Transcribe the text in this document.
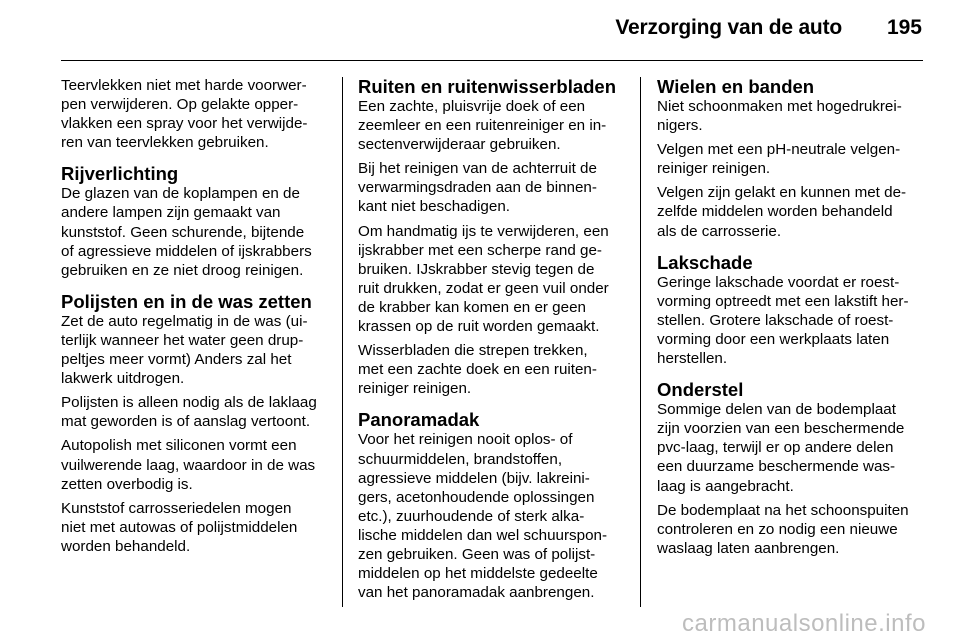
Verzorging van de auto 195
Teervlekken niet met harde voorwer-
pen verwijderen. Op gelakte opper-
vlakken een spray voor het verwijde-
ren van teervlekken gebruiken.
Rijverlichting
De glazen van de koplampen en de
andere lampen zijn gemaakt van
kunststof. Geen schurende, bijtende
of agressieve middelen of ijskrabbers
gebruiken en ze niet droog reinigen.
Polijsten en in de was zetten
Zet de auto regelmatig in de was (ui-
terlijk wanneer het water geen drup-
peltjes meer vormt) Anders zal het
lakwerk uitdrogen.
Polijsten is alleen nodig als de laklaag
mat geworden is of aanslag vertoont.
Autopolish met siliconen vormt een
vuilwerende laag, waardoor in de was
zetten overbodig is.
Kunststof carrosseriedelen mogen
niet met autowas of polijstmiddelen
worden behandeld.
Ruiten en ruitenwisserbladen
Een zachte, pluisvrije doek of een
zeemleer en een ruitenreiniger en in-
sectenverwijderaar gebruiken.
Bij het reinigen van de achterruit de
verwarmingsdraden aan de binnen-
kant niet beschadigen.
Om handmatig ijs te verwijderen, een
ijskrabber met een scherpe rand ge-
bruiken. IJskrabber stevig tegen de
ruit drukken, zodat er geen vuil onder
de krabber kan komen en er geen
krassen op de ruit worden gemaakt.
Wisserbladen die strepen trekken,
met een zachte doek en een ruiten-
reiniger reinigen.
Panoramadak
Voor het reinigen nooit oplos- of
schuurmiddelen, brandstoffen,
agressieve middelen (bijv. lakreini-
gers, acetonhoudende oplossingen
etc.), zuurhoudende of sterk alka-
lische middelen dan wel schuurspon-
zen gebruiken. Geen was of polijst-
middelen op het middelste gedeelte
van het panoramadak aanbrengen.
Wielen en banden
Niet schoonmaken met hogedrukrei-
nigers.
Velgen met een pH-neutrale velgen-
reiniger reinigen.
Velgen zijn gelakt en kunnen met de-
zelfde middelen worden behandeld
als de carrosserie.
Lakschade
Geringe lakschade voordat er roest-
vorming optreedt met een lakstift her-
stellen. Grotere lakschade of roest-
vorming door een werkplaats laten
herstellen.
Onderstel
Sommige delen van de bodemplaat
zijn voorzien van een beschermende
pvc-laag, terwijl er op andere delen
een duurzame beschermende was-
laag is aangebracht.
De bodemplaat na het schoonspuiten
controleren en zo nodig een nieuwe
waslaag laten aanbrengen.
carmanualsonline.info
